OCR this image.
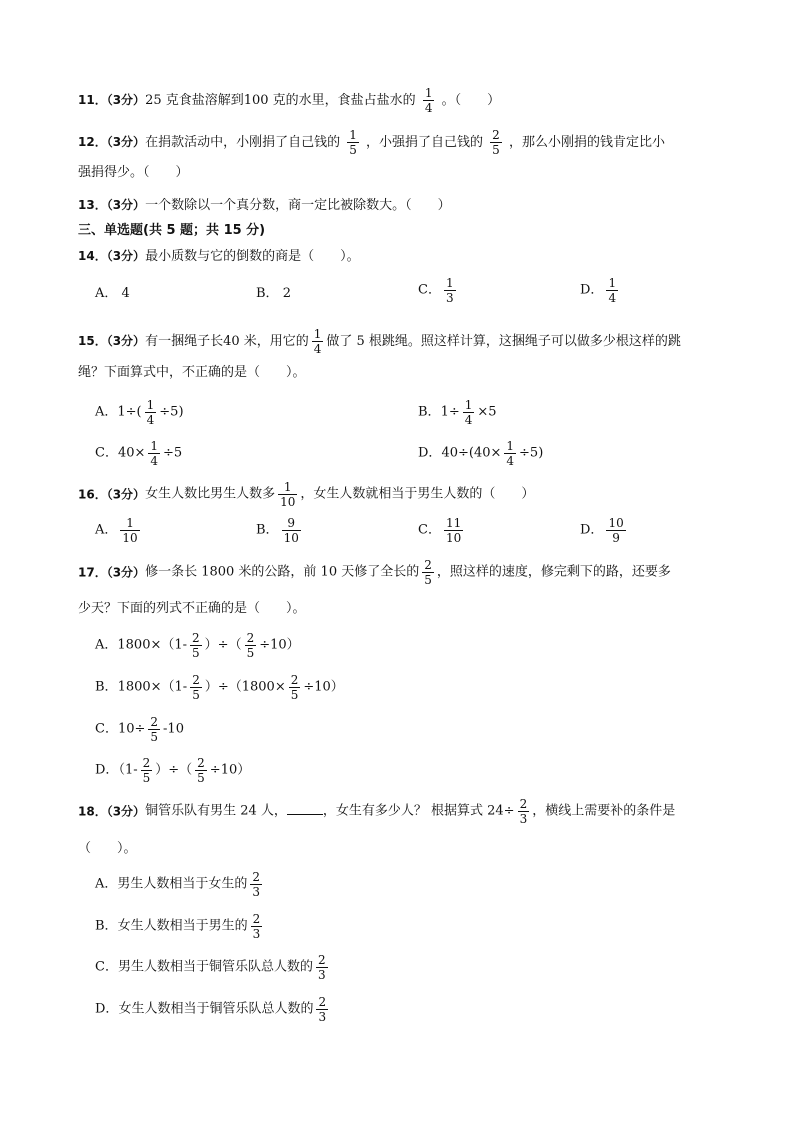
11．（3分）25 克食盐溶解到100 克的水里，食盐占盐水的 $\frac{1}{4}$ 。（　　）
12．（3分）在捐款活动中，小刚捐了自己钱的 $\frac{1}{5}$ ，小强捐了自己钱的 $\frac{2}{5}$ ，那么小刚捐的钱肯定比小
强捐得少。（　　）
13．（3分）一个数除以一个真分数，商一定比被除数大。（　　）
三、单选题(共 5 题；共 15 分)
14．（3分）最小质数与它的倒数的商是（　　）。
A． 4	B． 2	C． $\frac{1}{3}$	D． $\frac{1}{4}$
15．（3分）有一捆绳子长40 米，用它的 $\frac{1}{4}$ 做了 5 根跳绳。照这样计算，这捆绳子可以做多少根这样的跳
绳？下面算式中，不正确的是（　　）。
A．$1\div( \frac{1}{4} \div 5)$	B．$1\div \frac{1}{4} \times 5$
C．$40\times \frac{1}{4} \div 5$	D．$40\div(40\times \frac{1}{4} \div 5)$
16．（3分）女生人数比男生人数多 $\frac{1}{10}$ ，女生人数就相当于男生人数的（　　）
A． $\frac{1}{10}$	B． $\frac{9}{10}$	C． $\frac{11}{10}$	D． $\frac{10}{9}$
17．（3分）修一条长 1800 米的公路，前 10 天修了全长的 $\frac{2}{5}$ ，照这样的速度，修完剩下的路，还要多
少天？下面的列式不正确的是（　　）。
A．$1800\times(1- \frac{2}{5}$ ）÷（ $\frac{2}{5} \div 10$）
B．$1800\times(1- \frac{2}{5} )\div(1800\times \frac{2}{5} \div 10)$
C．$10\div \frac{2}{5} -10$
D．（$1- \frac{2}{5}$ ）÷（ $\frac{2}{5} \div 10$）
18．（3分）铜管乐队有男生 24 人，	，女生有多少人？ 根据算式 $24\div \frac{2}{3}$ ，横线上需要补的条件是
（　　）。
A．男生人数相当于女生的 $\frac{2}{3}$
B．女生人数相当于男生的 $\frac{2}{3}$
C．男生人数相当于铜管乐队总人数的 $\frac{2}{3}$
D．女生人数相当于铜管乐队总人数的 $\frac{2}{3}$
